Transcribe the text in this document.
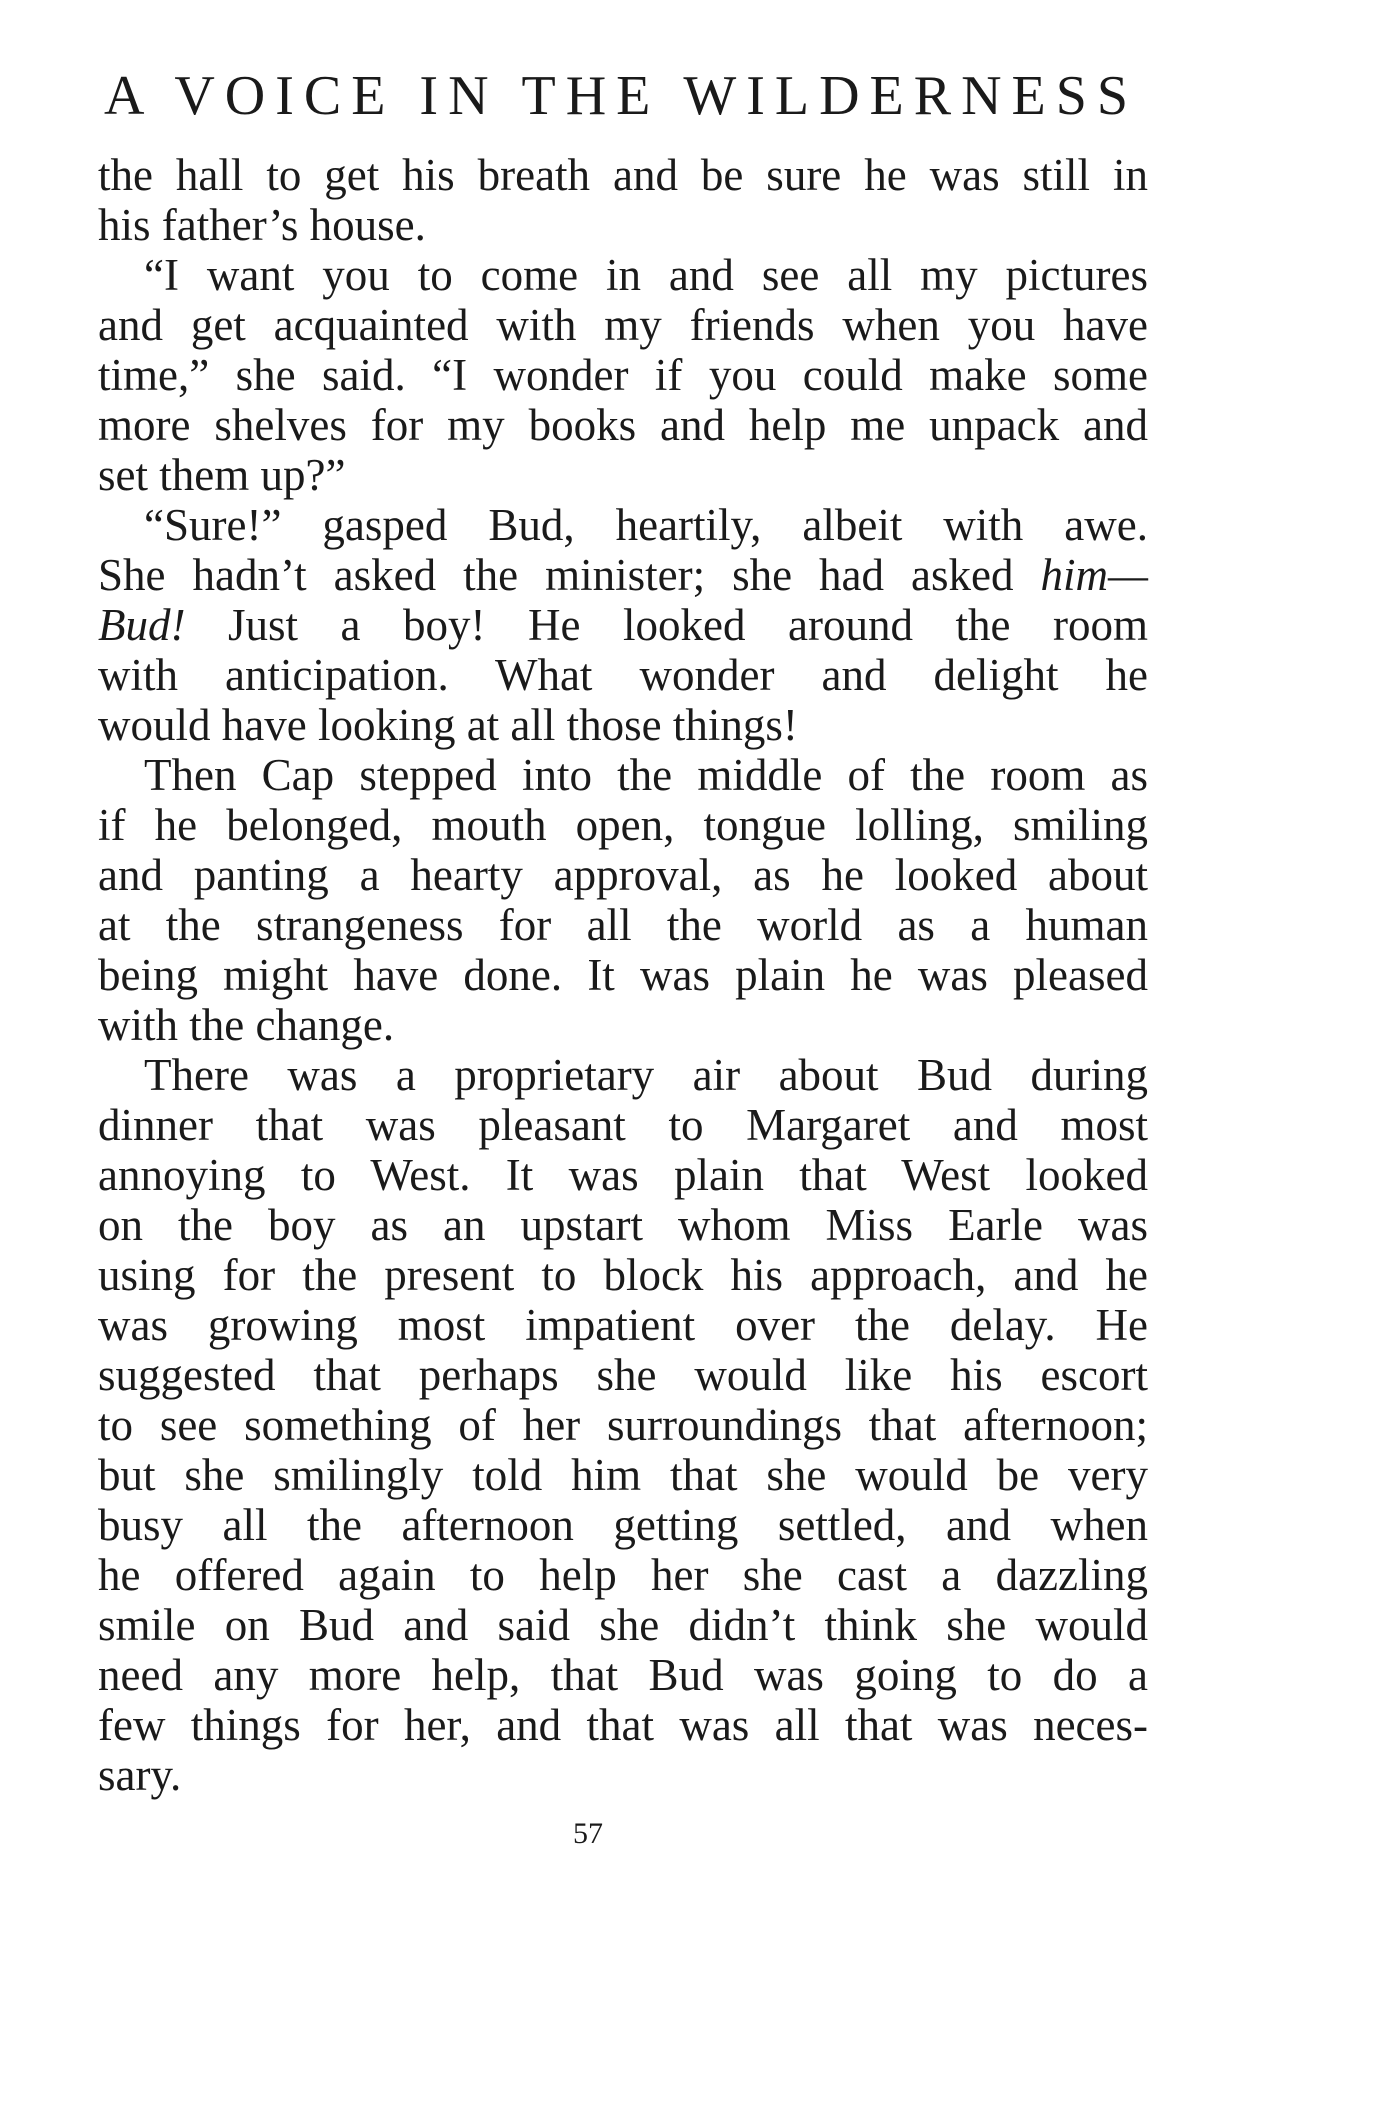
A VOICE IN THE WILDERNESS
the hall to get his breath and be sure he was still in
his father’s house.
“I want you to come in and see all my pictures
and get acquainted with my friends when you have
time,” she said. “I wonder if you could make some
more shelves for my books and help me unpack and
set them up?”
“Sure!” gasped Bud, heartily, albeit with awe.
She hadn’t asked the minister; she had asked him—
Bud! Just a boy! He looked around the room
with anticipation. What wonder and delight he
would have looking at all those things!
Then Cap stepped into the middle of the room as
if he belonged, mouth open, tongue lolling, smiling
and panting a hearty approval, as he looked about
at the strangeness for all the world as a human
being might have done. It was plain he was pleased
with the change.
There was a proprietary air about Bud during
dinner that was pleasant to Margaret and most
annoying to West. It was plain that West looked
on the boy as an upstart whom Miss Earle was
using for the present to block his approach, and he
was growing most impatient over the delay. He
suggested that perhaps she would like his escort
to see something of her surroundings that afternoon;
but she smilingly told him that she would be very
busy all the afternoon getting settled, and when
he offered again to help her she cast a dazzling
smile on Bud and said she didn’t think she would
need any more help, that Bud was going to do a
few things for her, and that was all that was neces-
sary.
57
